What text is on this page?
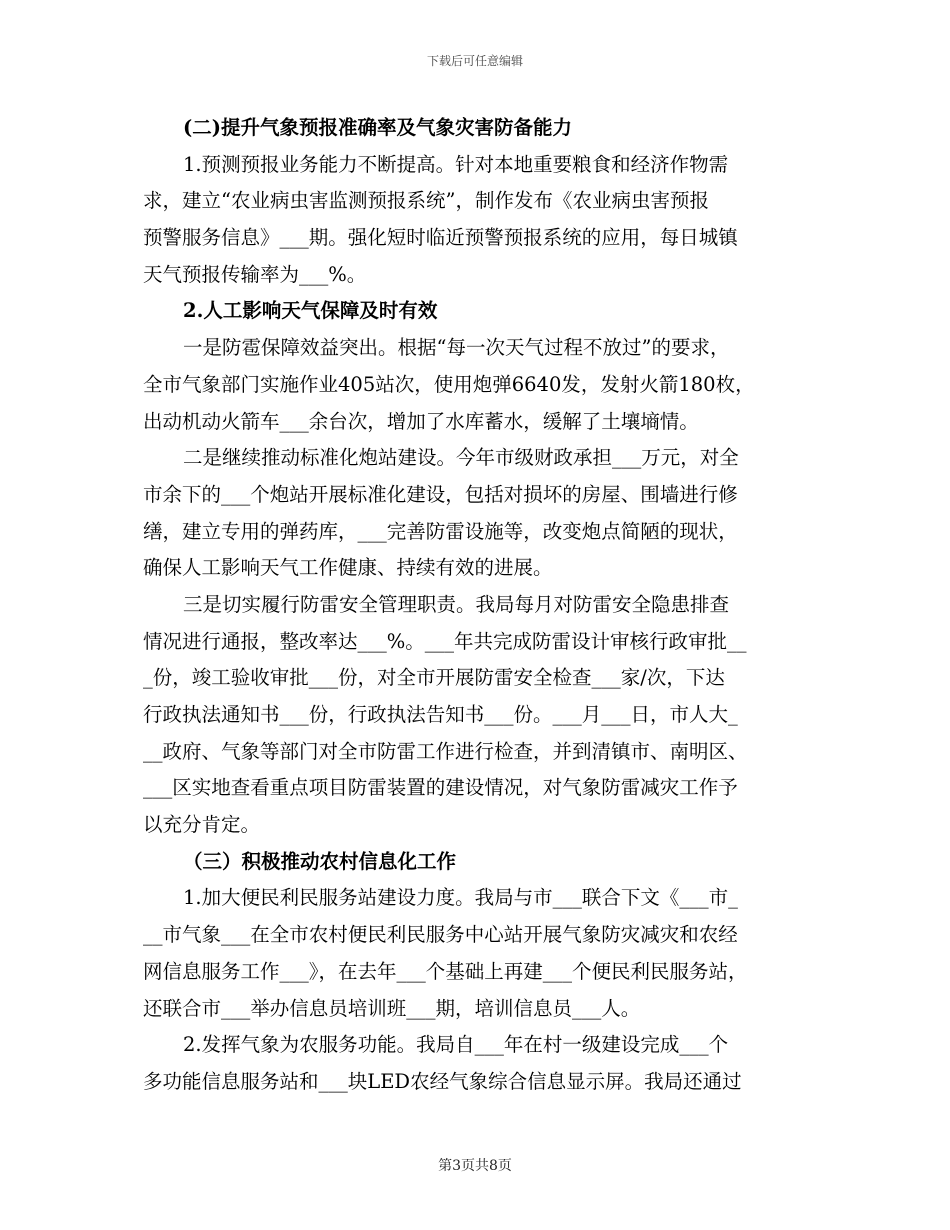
下载后可任意编辑
(二)提升气象预报准确率及气象灾害防备能力
1.预测预报业务能力不断提高。针对本地重要粮食和经济作物需
求，建立“农业病虫害监测预报系统”，制作发布《农业病虫害预报
预警服务信息》___期。强化短时临近预警预报系统的应用，每日城镇
天气预报传输率为___%。
2.人工影响天气保障及时有效
一是防雹保障效益突出。根据“每一次天气过程不放过”的要求，
全市气象部门实施作业405站次，使用炮弹6640发，发射火箭180枚，
出动机动火箭车___余台次，增加了水库蓄水，缓解了土壤墒情。
二是继续推动标准化炮站建设。今年市级财政承担___万元，对全
市余下的___个炮站开展标准化建设，包括对损坏的房屋、围墙进行修
缮，建立专用的弹药库，___完善防雷设施等，改变炮点简陋的现状，
确保人工影响天气工作健康、持续有效的进展。
三是切实履行防雷安全管理职责。我局每月对防雷安全隐患排查
情况进行通报，整改率达___%。___年共完成防雷设计审核行政审批__
_份，竣工验收审批___份，对全市开展防雷安全检查___家/次，下达
行政执法通知书___份，行政执法告知书___份。___月___日，市人大_
__政府、气象等部门对全市防雷工作进行检查，并到清镇市、南明区、
___区实地查看重点项目防雷装置的建设情况，对气象防雷减灾工作予
以充分肯定。
（三）积极推动农村信息化工作
1.加大便民利民服务站建设力度。我局与市___联合下文《___市_
__市气象___在全市农村便民利民服务中心站开展气象防灾减灾和农经
网信息服务工作___》，在去年___个基础上再建___个便民利民服务站，
还联合市___举办信息员培训班___期，培训信息员___人。
2.发挥气象为农服务功能。我局自___年在村一级建设完成___个
多功能信息服务站和___块LED农经气象综合信息显示屏。我局还通过
第3页共8页
